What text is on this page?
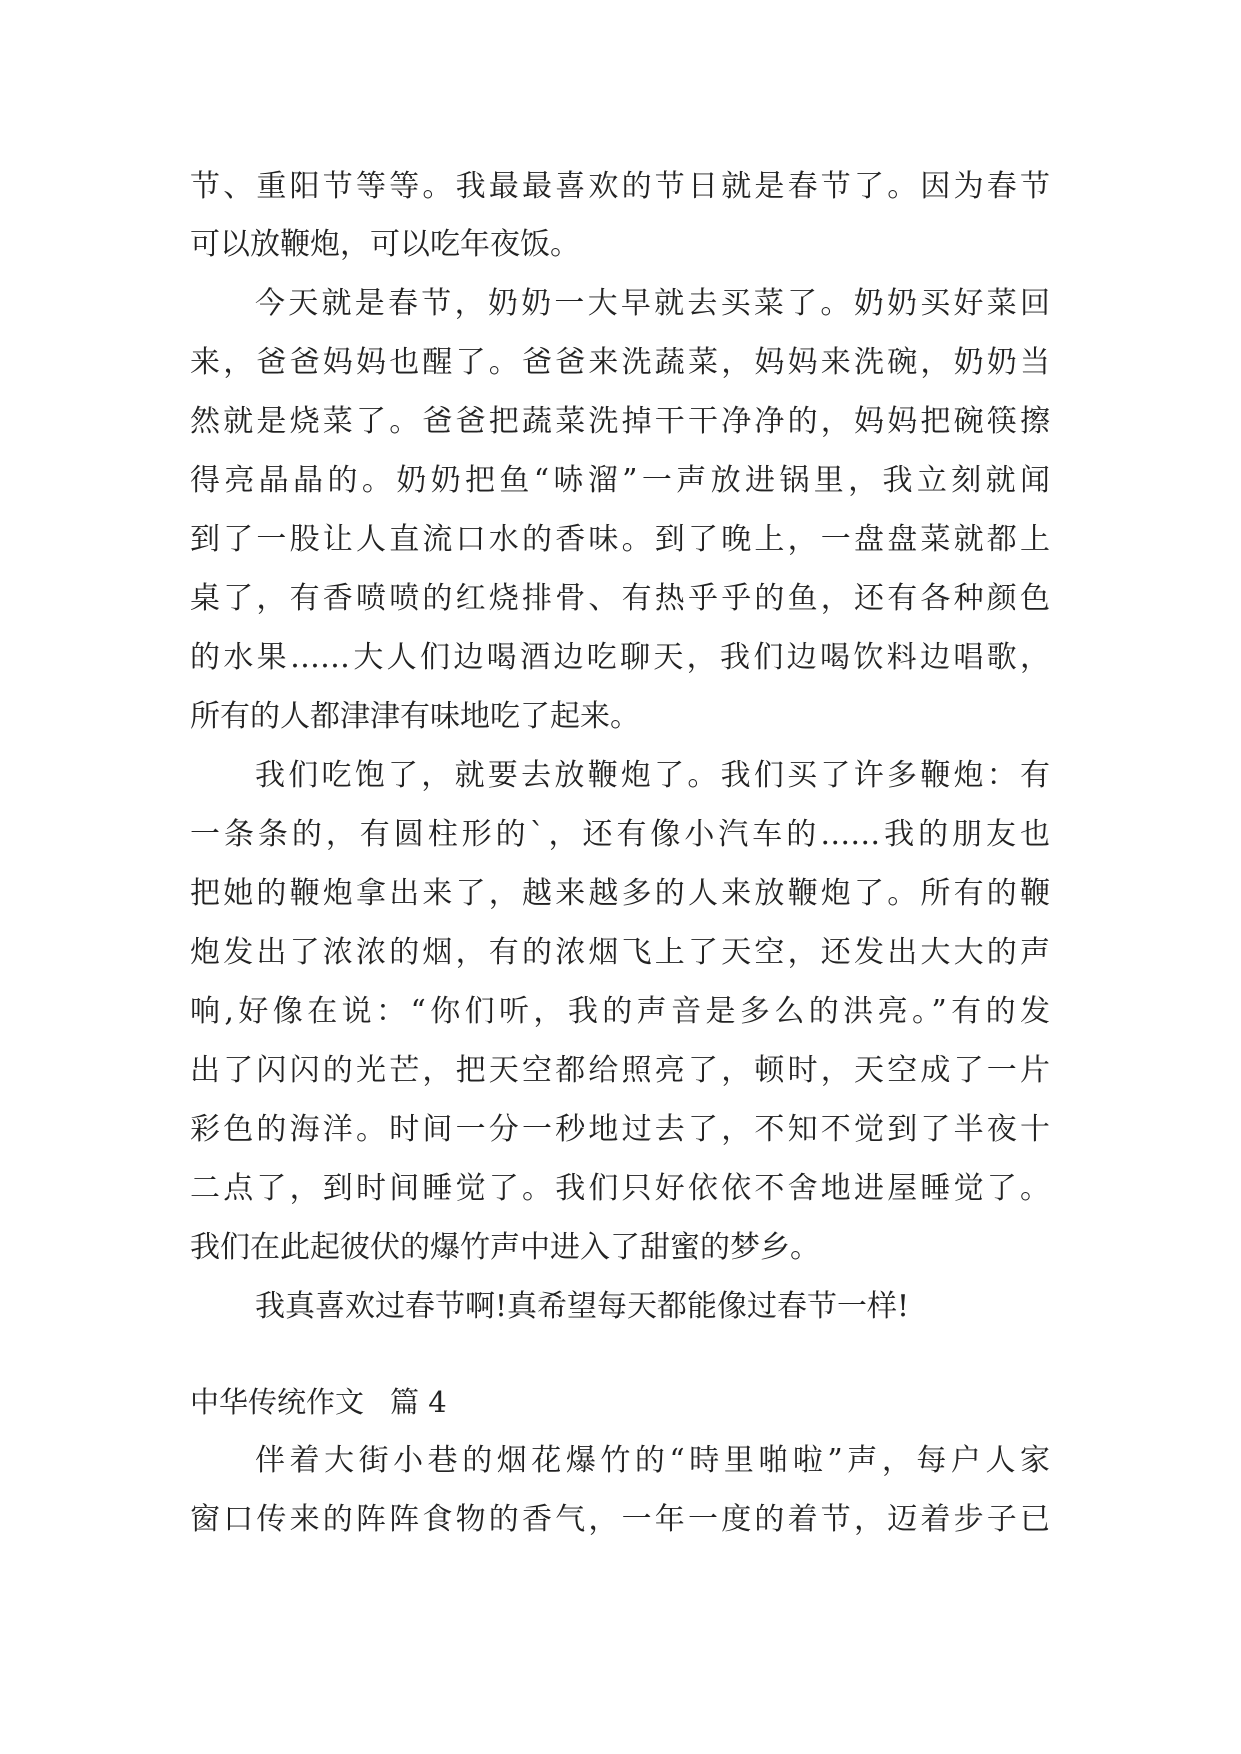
节、重阳节等等。我最最喜欢的节日就是春节了。因为春节
可以放鞭炮，可以吃年夜饭。
今天就是春节，奶奶一大早就去买菜了。奶奶买好菜回
来，爸爸妈妈也醒了。爸爸来洗蔬菜，妈妈来洗碗，奶奶当
然就是烧菜了。爸爸把蔬菜洗掉干干净净的，妈妈把碗筷擦
得亮晶晶的。奶奶把鱼“哧溜”一声放进锅里，我立刻就闻
到了一股让人直流口水的香味。到了晚上，一盘盘菜就都上
桌了，有香喷喷的红烧排骨、有热乎乎的鱼，还有各种颜色
的水果……大人们边喝酒边吃聊天，我们边喝饮料边唱歌，
所有的人都津津有味地吃了起来。
我们吃饱了，就要去放鞭炮了。我们买了许多鞭炮：有
一条条的，有圆柱形的`，还有像小汽车的……我的朋友也
把她的鞭炮拿出来了，越来越多的人来放鞭炮了。所有的鞭
炮发出了浓浓的烟，有的浓烟飞上了天空，还发出大大的声
响,好像在说：“你们听，我的声音是多么的洪亮。”有的发
出了闪闪的光芒，把天空都给照亮了，顿时，天空成了一片
彩色的海洋。时间一分一秒地过去了，不知不觉到了半夜十
二点了，到时间睡觉了。我们只好依依不舍地进屋睡觉了。
我们在此起彼伏的爆竹声中进入了甜蜜的梦乡。
我真喜欢过春节啊!真希望每天都能像过春节一样!
中华传统作文 篇 4
伴着大街小巷的烟花爆竹的“時里啪啦”声，每户人家
窗口传来的阵阵食物的香气，一年一度的着节，迈着步子已
